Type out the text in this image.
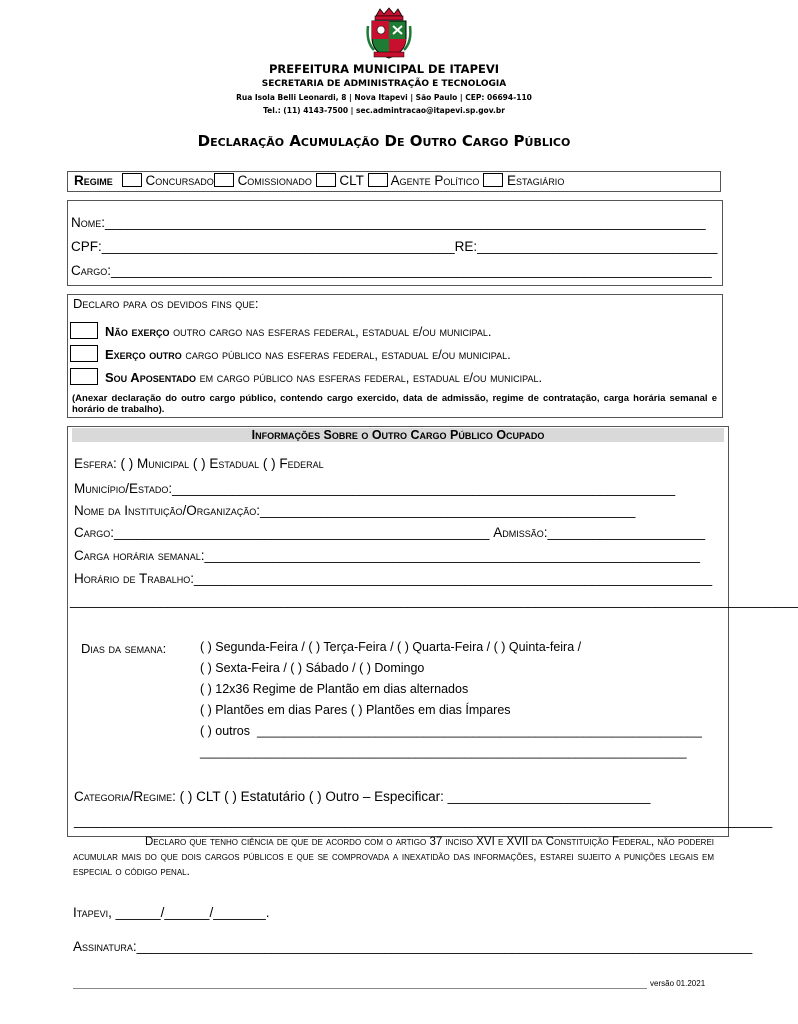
PREFEITURA MUNICIPAL DE ITAPEVI
SECRETARIA DE ADMINISTRAÇÃO E TECNOLOGIA
Rua Isola Belli Leonardi, 8 | Nova Itapevi | São Paulo | CEP: 06694-110
Tel.: (11) 4143-7500 | sec.admintracao@itapevi.sp.gov.br
Declaração Acumulação De Outro Cargo Público
Regime Concursado Comissionado CLT Agente Político Estagiário
Nome:________________________________________________________________________________
CPF:_______________________________________________RE:________________________________
Cargo:________________________________________________________________________________
Declaro para os devidos fins que:
Não exerço outro cargo nas esferas federal, estadual e/ou municipal.
Exerço outro cargo público nas esferas federal, estadual e/ou municipal.
Sou Aposentado em cargo público nas esferas federal, estadual e/ou municipal.
(Anexar declaração do outro cargo público, contendo cargo exercido, data de admissão, regime de contratação, carga horária semanal e horário de trabalho).
Informações Sobre o Outro Cargo Público Ocupado
Esfera: ( ) Municipal ( ) Estadual ( ) Federal
Município/Estado:___________________________________________________________________
Nome da Instituição/Organização:__________________________________________________
Cargo:__________________________________________________ Admissão:_____________________
Carga horária semanal:__________________________________________________________________
Horário de Trabalho:_____________________________________________________________________
_________________________________________________________________________________________________
Dias da semana:	( ) Segunda-Feira / ( ) Terça-Feira / ( ) Quarta-Feira / ( ) Quinta-feira /
( ) Sexta-Feira / ( ) Sábado / ( ) Domingo
( ) 12x36 Regime de Plantão em dias alternados
( ) Plantões em dias Pares ( ) Plantões em dias Ímpares
( ) outros ________________________________________________________________
______________________________________________________________________
Categoria/Regime: ( ) CLT ( ) Estatutário ( ) Outro – Especificar: ___________________________
_____________________________________________________________________________________________
Declaro que tenho ciência de que de acordo com o artigo 37 inciso XVI e XVII da Constituição Federal, não poderei acumular mais do que dois cargos públicos e que se comprovada a inexatidão das informações, estarei sujeito a punições legais em especial o código penal.
Itapevi, ______/______/_______.
Assinatura:__________________________________________________________________________________
versão 01.2021
